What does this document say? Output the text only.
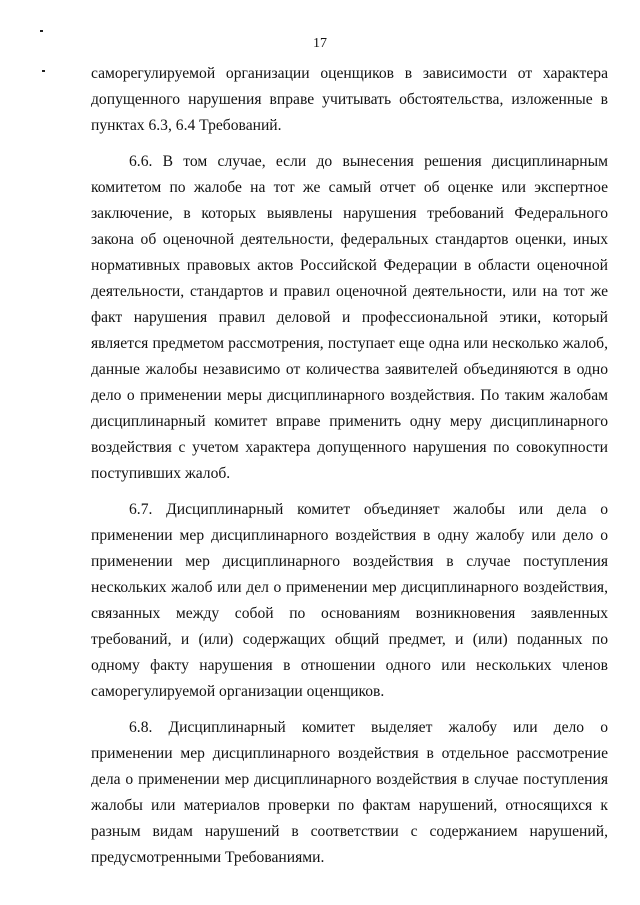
17

саморегулируемой организации оценщиков в зависимости от характера допущенного нарушения вправе учитывать обстоятельства, изложенные в пунктах 6.3, 6.4 Требований.

6.6. В том случае, если до вынесения решения дисциплинарным комитетом по жалобе на тот же самый отчет об оценке или экспертное заключение, в которых выявлены нарушения требований Федерального закона об оценочной деятельности, федеральных стандартов оценки, иных нормативных правовых актов Российской Федерации в области оценочной деятельности, стандартов и правил оценочной деятельности, или на тот же факт нарушения правил деловой и профессиональной этики, который является предметом рассмотрения, поступает еще одна или несколько жалоб, данные жалобы независимо от количества заявителей объединяются в одно дело о применении меры дисциплинарного воздействия. По таким жалобам дисциплинарный комитет вправе применить одну меру дисциплинарного воздействия с учетом характера допущенного нарушения по совокупности поступивших жалоб.

6.7. Дисциплинарный комитет объединяет жалобы или дела о применении мер дисциплинарного воздействия в одну жалобу или дело о применении мер дисциплинарного воздействия в случае поступления нескольких жалоб или дел о применении мер дисциплинарного воздействия, связанных между собой по основаниям возникновения заявленных требований, и (или) содержащих общий предмет, и (или) поданных по одному факту нарушения в отношении одного или нескольких членов саморегулируемой организации оценщиков.

6.8. Дисциплинарный комитет выделяет жалобу или дело о применении мер дисциплинарного воздействия в отдельное рассмотрение дела о применении мер дисциплинарного воздействия в случае поступления жалобы или материалов проверки по фактам нарушений, относящихся к разным видам нарушений в соответствии с содержанием нарушений, предусмотренными Требованиями.
